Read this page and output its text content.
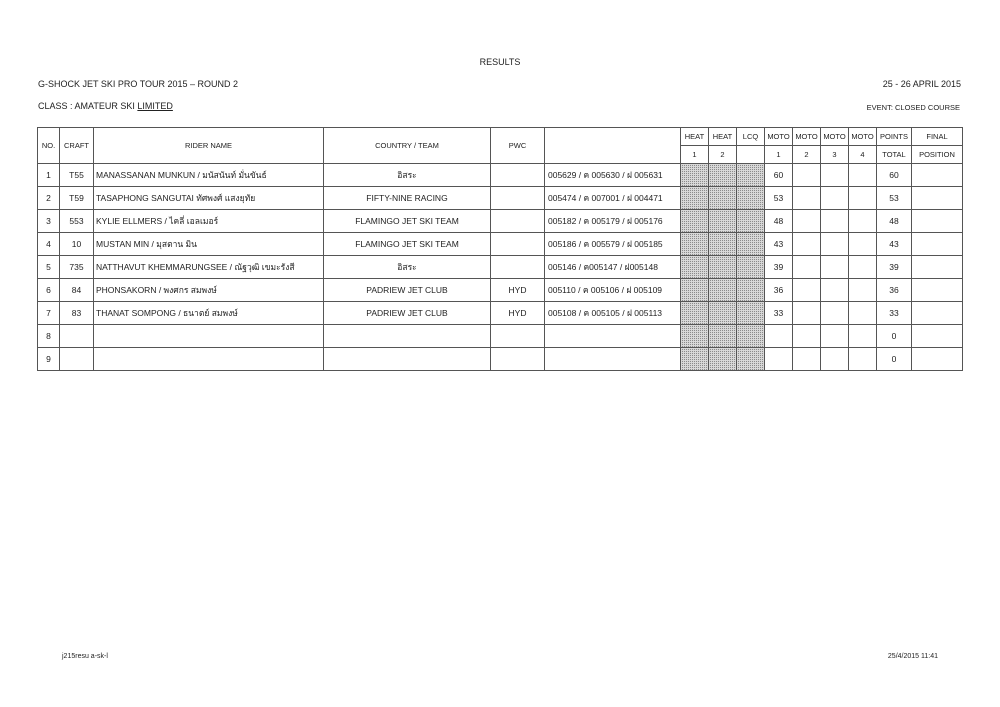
RESULTS
G-SHOCK JET SKI PRO TOUR 2015 – ROUND 2	25 - 26 APRIL 2015
CLASS : AMATEUR SKI LIMITED	EVENT: CLOSED COURSE
NO.	CRAFT	RIDER NAME	COUNTRY / TEAM	PWC		HEAT	HEAT	LCQ	MOTO	MOTO	MOTO	MOTO	POINTS	FINAL
						1	2		1	2	3	4	TOTAL	POSITION
1	T55	MANASSANAN MUNKUN / มนัสนันท์ มั่นขันธ์	อิสระ		005629 / ค 005630 / ฝ 005631				60				60	
2	T59	TASAPHONG SANGUTAI ทัศพงศ์ แสงยุทัย	FIFTY-NINE RACING		005474 / ค 007001 / ฝ 004471				53				53	
3	553	KYLIE ELLMERS / ไคลี่ เอลเมอร์	FLAMINGO JET SKI TEAM		005182 / ค 005179 / ฝ 005176				48				48	
4	10	MUSTAN MIN / มุสตาน มิน	FLAMINGO JET SKI TEAM		005186 / ค 005579 / ฝ 005185				43				43	
5	735	NATTHAVUT KHEMMARUNGSEE / ณัฐวุฒิ เขมะรังสี	อิสระ		005146 / ค005147 / ฝ005148				39				39	
6	84	PHONSAKORN / พงศกร สมพงษ์	PADRIEW JET CLUB	HYD	005110 / ค 005106 / ฝ 005109				36				36	
7	83	THANAT SOMPONG / ธนาตย์ สมพงษ์	PADRIEW JET CLUB	HYD	005108 / ค 005105 / ฝ 005113				33				33	
8													0	
9													0	
j215resu a-sk-l	25/4/2015 11:41
